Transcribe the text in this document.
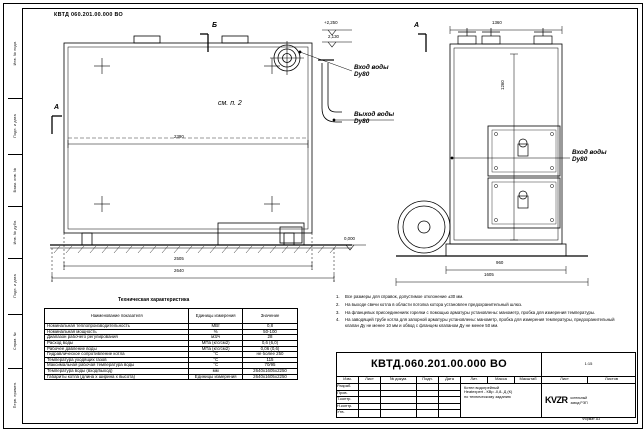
Инв. № подл.
Подп. и дата
Взам. инв. №
Инв. № дубл.
Подп. и дата
Справ. №
Перв. примен.
КВТД 060.201.00.000 ВО
Вход воды
Dy80
Выход воды
Dy80
Вход воды
Dy80
см. п. 2
А
Б	А
2390
2505
2640
+2,250
2,130
0,000
1360
1260
960
1605
Техническая характеристика
Наименование показателя	Единицы измерения	Значение
Номинальная теплопроизводительность	МВт	0,8
Номинальная мощность	%	50-100
Диапазон рабочего регулирования	м3/ч	28
Расход воды	МПа (кгс/см2)	0,6 (6,0)
Рабочее давление воды	МПа (кгс/см2)	0,06 (0,6)
Гидравлическое сопротивление котла	°С	не более 250
Температура уходящих газов	°С	115
Максимальная рабочая температура воды	°С	70/95
Температура воды (вход/выход)	мм	2640х1605х2250
Габариты котла (длина х ширина х высота)	Единицы измерения	2640х1605х2250
1.	Все размеры для справок, допустимое отклонение ±30 мм.
2.	На выходе свечи котла в области потолка котора установлен предохранительный шлюз.
3.	На фланцевых присоединениях горелки с помощью арматуры установлены: манометр, пробка для измерения температуры.
4.	На заводящей трубе котла для запорной арматуры установлены: манометр, пробка для измерения температуры, предохранительный клапан Ду не менее 10 мм и обвод с фланцем клапаном Ду не менее 50 мм.
КВТД.060.201.00.000 ВО
Изм.	Лист	№ докум.	Подп.	Дата	Лит.	Масса	Масштаб
Разраб.
Пров.
Т.контр.
Н.контр.
Утв.
Котел водогрейный
Heatexpert - КВр -0,8- Д (К)
по техническому заданию
1:15
Лист	Листов
KVZR котельный
завод РЭП
Формат А3
